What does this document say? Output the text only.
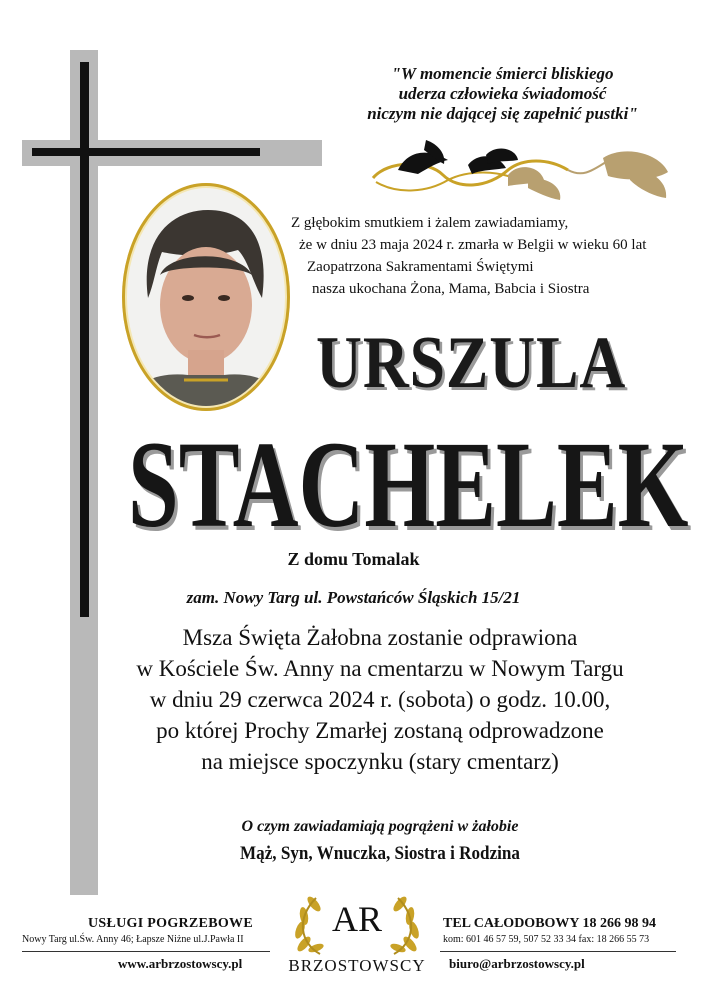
"W momencie śmierci bliskiego
uderza człowieka świadomość
niczym nie dającej się zapełnić pustki"
Z głębokim smutkiem i żalem zawiadamiamy,
że w dniu 23 maja 2024 r. zmarła w Belgii w wieku 60 lat
Zaopatrzona Sakramentami Świętymi
nasza ukochana Żona, Mama, Babcia i Siostra
URSZULA
STACHELEK
Z domu Tomalak
zam. Nowy Targ ul. Powstańców Śląskich 15/21
Msza Święta Żałobna zostanie odprawiona
w Kościele Św. Anny na cmentarzu w Nowym Targu
w dniu 29 czerwca 2024 r. (sobota) o godz. 10.00,
po której Prochy Zmarłej zostaną odprowadzone
na miejsce spoczynku (stary cmentarz)
O czym zawiadamiają pogrążeni w żałobie
Mąż, Syn, Wnuczka, Siostra i Rodzina
USŁUGI POGRZEBOWE
Nowy Targ ul.Św. Anny 46; Łapsze Niżne ul.J.Pawła II
www.arbrzostowscy.pl
TEL CAŁODOBOWY 18 266 98 94
kom: 601 46 57 59, 507 52 33 34 fax: 18 266 55 73
biuro@arbrzostowscy.pl
AR
BRZOSTOWSCY
